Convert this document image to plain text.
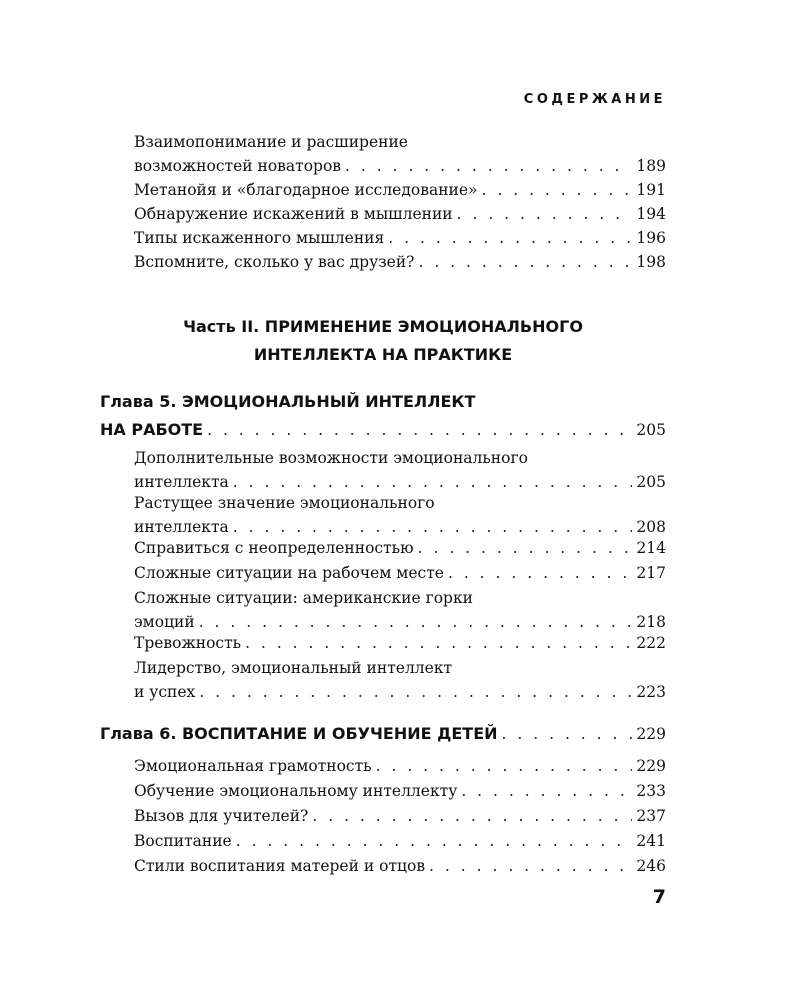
СОДЕРЖАНИЕ
Взаимопонимание и расширение
возможностей новаторов . . .	189
Метанойя и «благодарное исследование» . . .	191
Обнаружение искажений в мышлении . . .	194
Типы искаженного мышления . . .	196
Вспомните, сколько у вас друзей? . . .	198
Часть II. ПРИМЕНЕНИЕ ЭМОЦИОНАЛЬНОГО
ИНТЕЛЛЕКТА НА ПРАКТИКЕ
Глава 5. ЭМОЦИОНАЛЬНЫЙ ИНТЕЛЛЕКТ
НА РАБОТЕ . . .	205
Дополнительные возможности эмоционального
интеллекта . . .	205
Растущее значение эмоционального
интеллекта . . .	208
Справиться с неопределенностью . . .	214
Сложные ситуации на рабочем месте . . .	217
Сложные ситуации: американские горки
эмоций . . .	218
Тревожность . . .	222
Лидерство, эмоциональный интеллект
и успех . . .	223
Глава 6. ВОСПИТАНИЕ И ОБУЧЕНИЕ ДЕТЕЙ . . .	229
Эмоциональная грамотность . . .	229
Обучение эмоциональному интеллекту . . .	233
Вызов для учителей? . . .	237
Воспитание . . .	241
Стили воспитания матерей и отцов . . .	246
7
